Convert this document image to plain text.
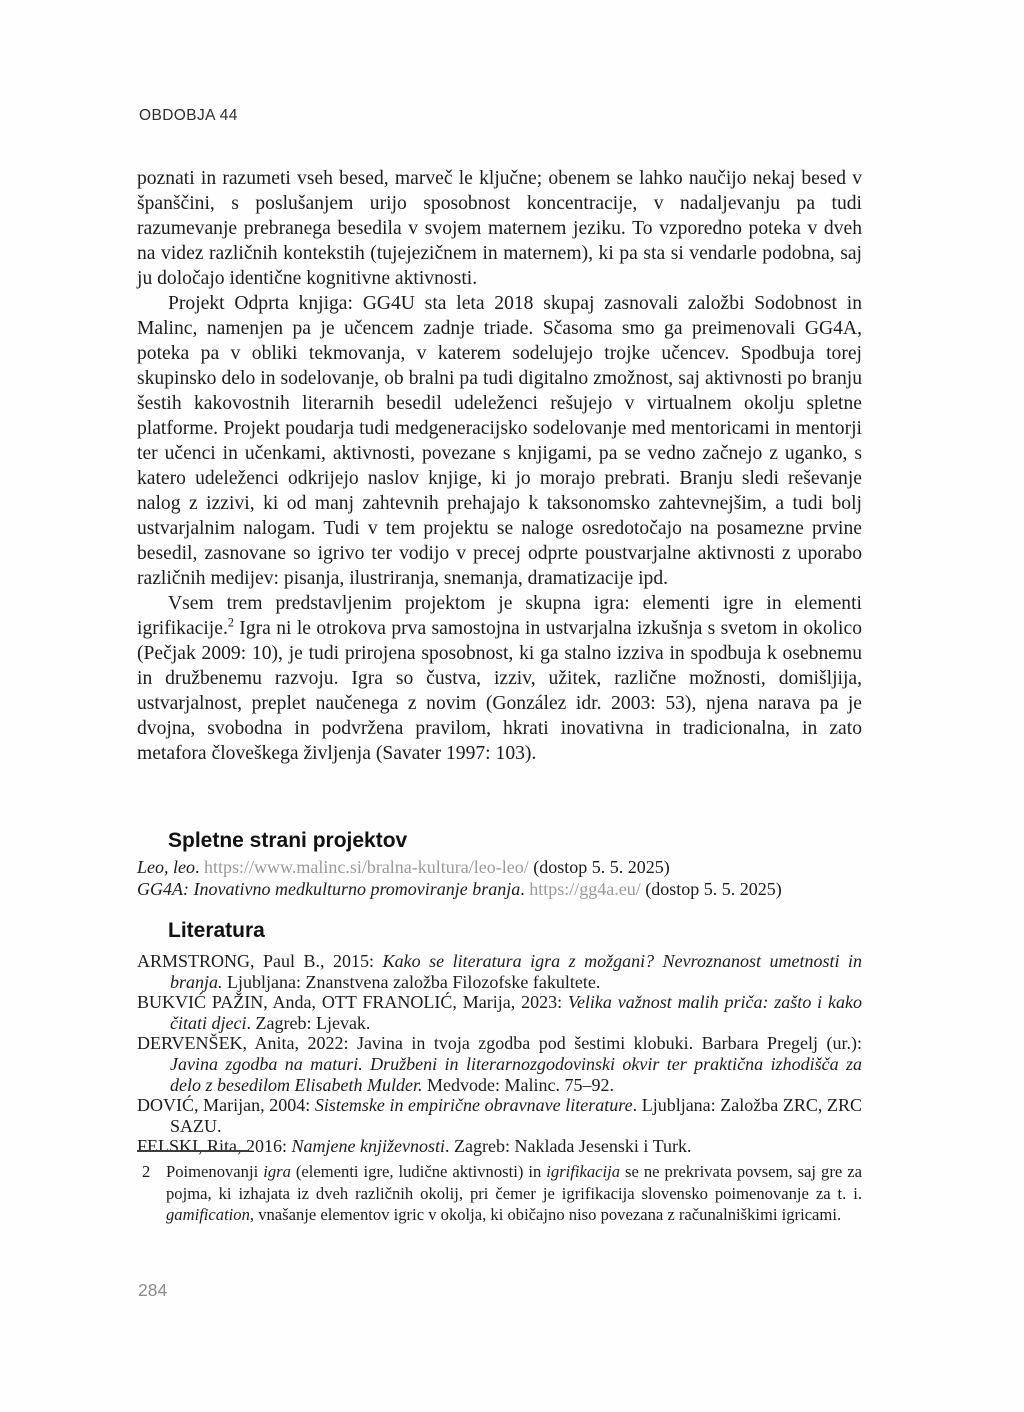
OBDOBJA 44

poznati in razumeti vseh besed, marveč le ključne; obenem se lahko naučijo nekaj besed v španščini, s poslušanjem urijo sposobnost koncentracije, v nadaljevanju pa tudi razumevanje prebranega besedila v svojem maternem jeziku. To vzporedno poteka v dveh na videz različnih kontekstih (tujejezičnem in maternem), ki pa sta si vendarle podobna, saj ju določajo identične kognitivne aktivnosti.

Projekt Odprta knjiga: GG4U sta leta 2018 skupaj zasnovali založbi Sodobnost in Malinc, namenjen pa je učencem zadnje triade. Sčasoma smo ga preimenovali GG4A, poteka pa v obliki tekmovanja, v katerem sodelujejo trojke učencev. Spodbuja torej skupinsko delo in sodelovanje, ob bralni pa tudi digitalno zmožnost, saj aktivnosti po branju šestih kakovostnih literarnih besedil udeleženci rešujejo v virtualnem okolju spletne platforme. Projekt poudarja tudi medgeneracijsko sodelovanje med mentoricami in mentorji ter učenci in učenkami, aktivnosti, povezane s knjigami, pa se vedno začnejo z uganko, s katero udeleženci odkrijejo naslov knjige, ki jo morajo prebrati. Branju sledi reševanje nalog z izzivi, ki od manj zahtevnih prehajajo k taksonomsko zahtevnejšim, a tudi bolj ustvarjalnim nalogam. Tudi v tem projektu se naloge osredotočajo na posamezne prvine besedil, zasnovane so igrivo ter vodijo v precej odprte poustvarjalne aktivnosti z uporabo različnih medijev: pisanja, ilustriranja, snemanja, dramatizacije ipd.

Vsem trem predstavljenim projektom je skupna igra: elementi igre in elementi igrifikacije.$^2$ Igra ni le otrokova prva samostojna in ustvarjalna izkušnja s svetom in okolico (Pečjak 2009: 10), je tudi prirojena sposobnost, ki ga stalno izziva in spodbuja k osebnemu in družbenemu razvoju. Igra so čustva, izziv, užitek, različne možnosti, domišljija, ustvarjalnost, preplet naučenega z novim (González idr. 2003: 53), njena narava pa je dvojna, svobodna in podvržena pravilom, hkrati inovativna in tradicionalna, in zato metafora človeškega življenja (Savater 1997: 103).

Spletne strani projektov
Leo, leo. https://www.malinc.si/bralna-kultura/leo-leo/ (dostop 5. 5. 2025)
GG4A: Inovativno medkulturno promoviranje branja. https://gg4a.eu/ (dostop 5. 5. 2025)
Literatura
ARMSTRONG, Paul B., 2015: Kako se literatura igra z možgani? Nevroznanost umetnosti in branja. Ljubljana: Znanstvena založba Filozofske fakultete.
BUKVIĆ PAŽIN, Anda, OTT FRANOLIĆ, Marija, 2023: Velika važnost malih priča: zašto i kako čitati djeci. Zagreb: Ljevak.
DERVENŠEK, Anita, 2022: Javina in tvoja zgodba pod šestimi klobuki. Barbara Pregelj (ur.): Javina zgodba na maturi. Družbeni in literarnozgodovinski okvir ter praktična izhodišča za delo z besedilom Elisabeth Mulder. Medvode: Malinc. 75–92.
DOVIĆ, Marijan, 2004: Sistemske in empirične obravnave literature. Ljubljana: Založba ZRC, ZRC SAZU.
FELSKI, Rita, 2016: Namjene književnosti. Zagreb: Naklada Jesenski i Turk.
2 Poimenovanji igra (elementi igre, ludične aktivnosti) in igrifikacija se ne prekrivata povsem, saj gre za pojma, ki izhajata iz dveh različnih okolij, pri čemer je igrifikacija slovensko poimenovanje za t. i. gamification, vnašanje elementov igric v okolja, ki običajno niso povezana z računalniškimi igricami.
284
